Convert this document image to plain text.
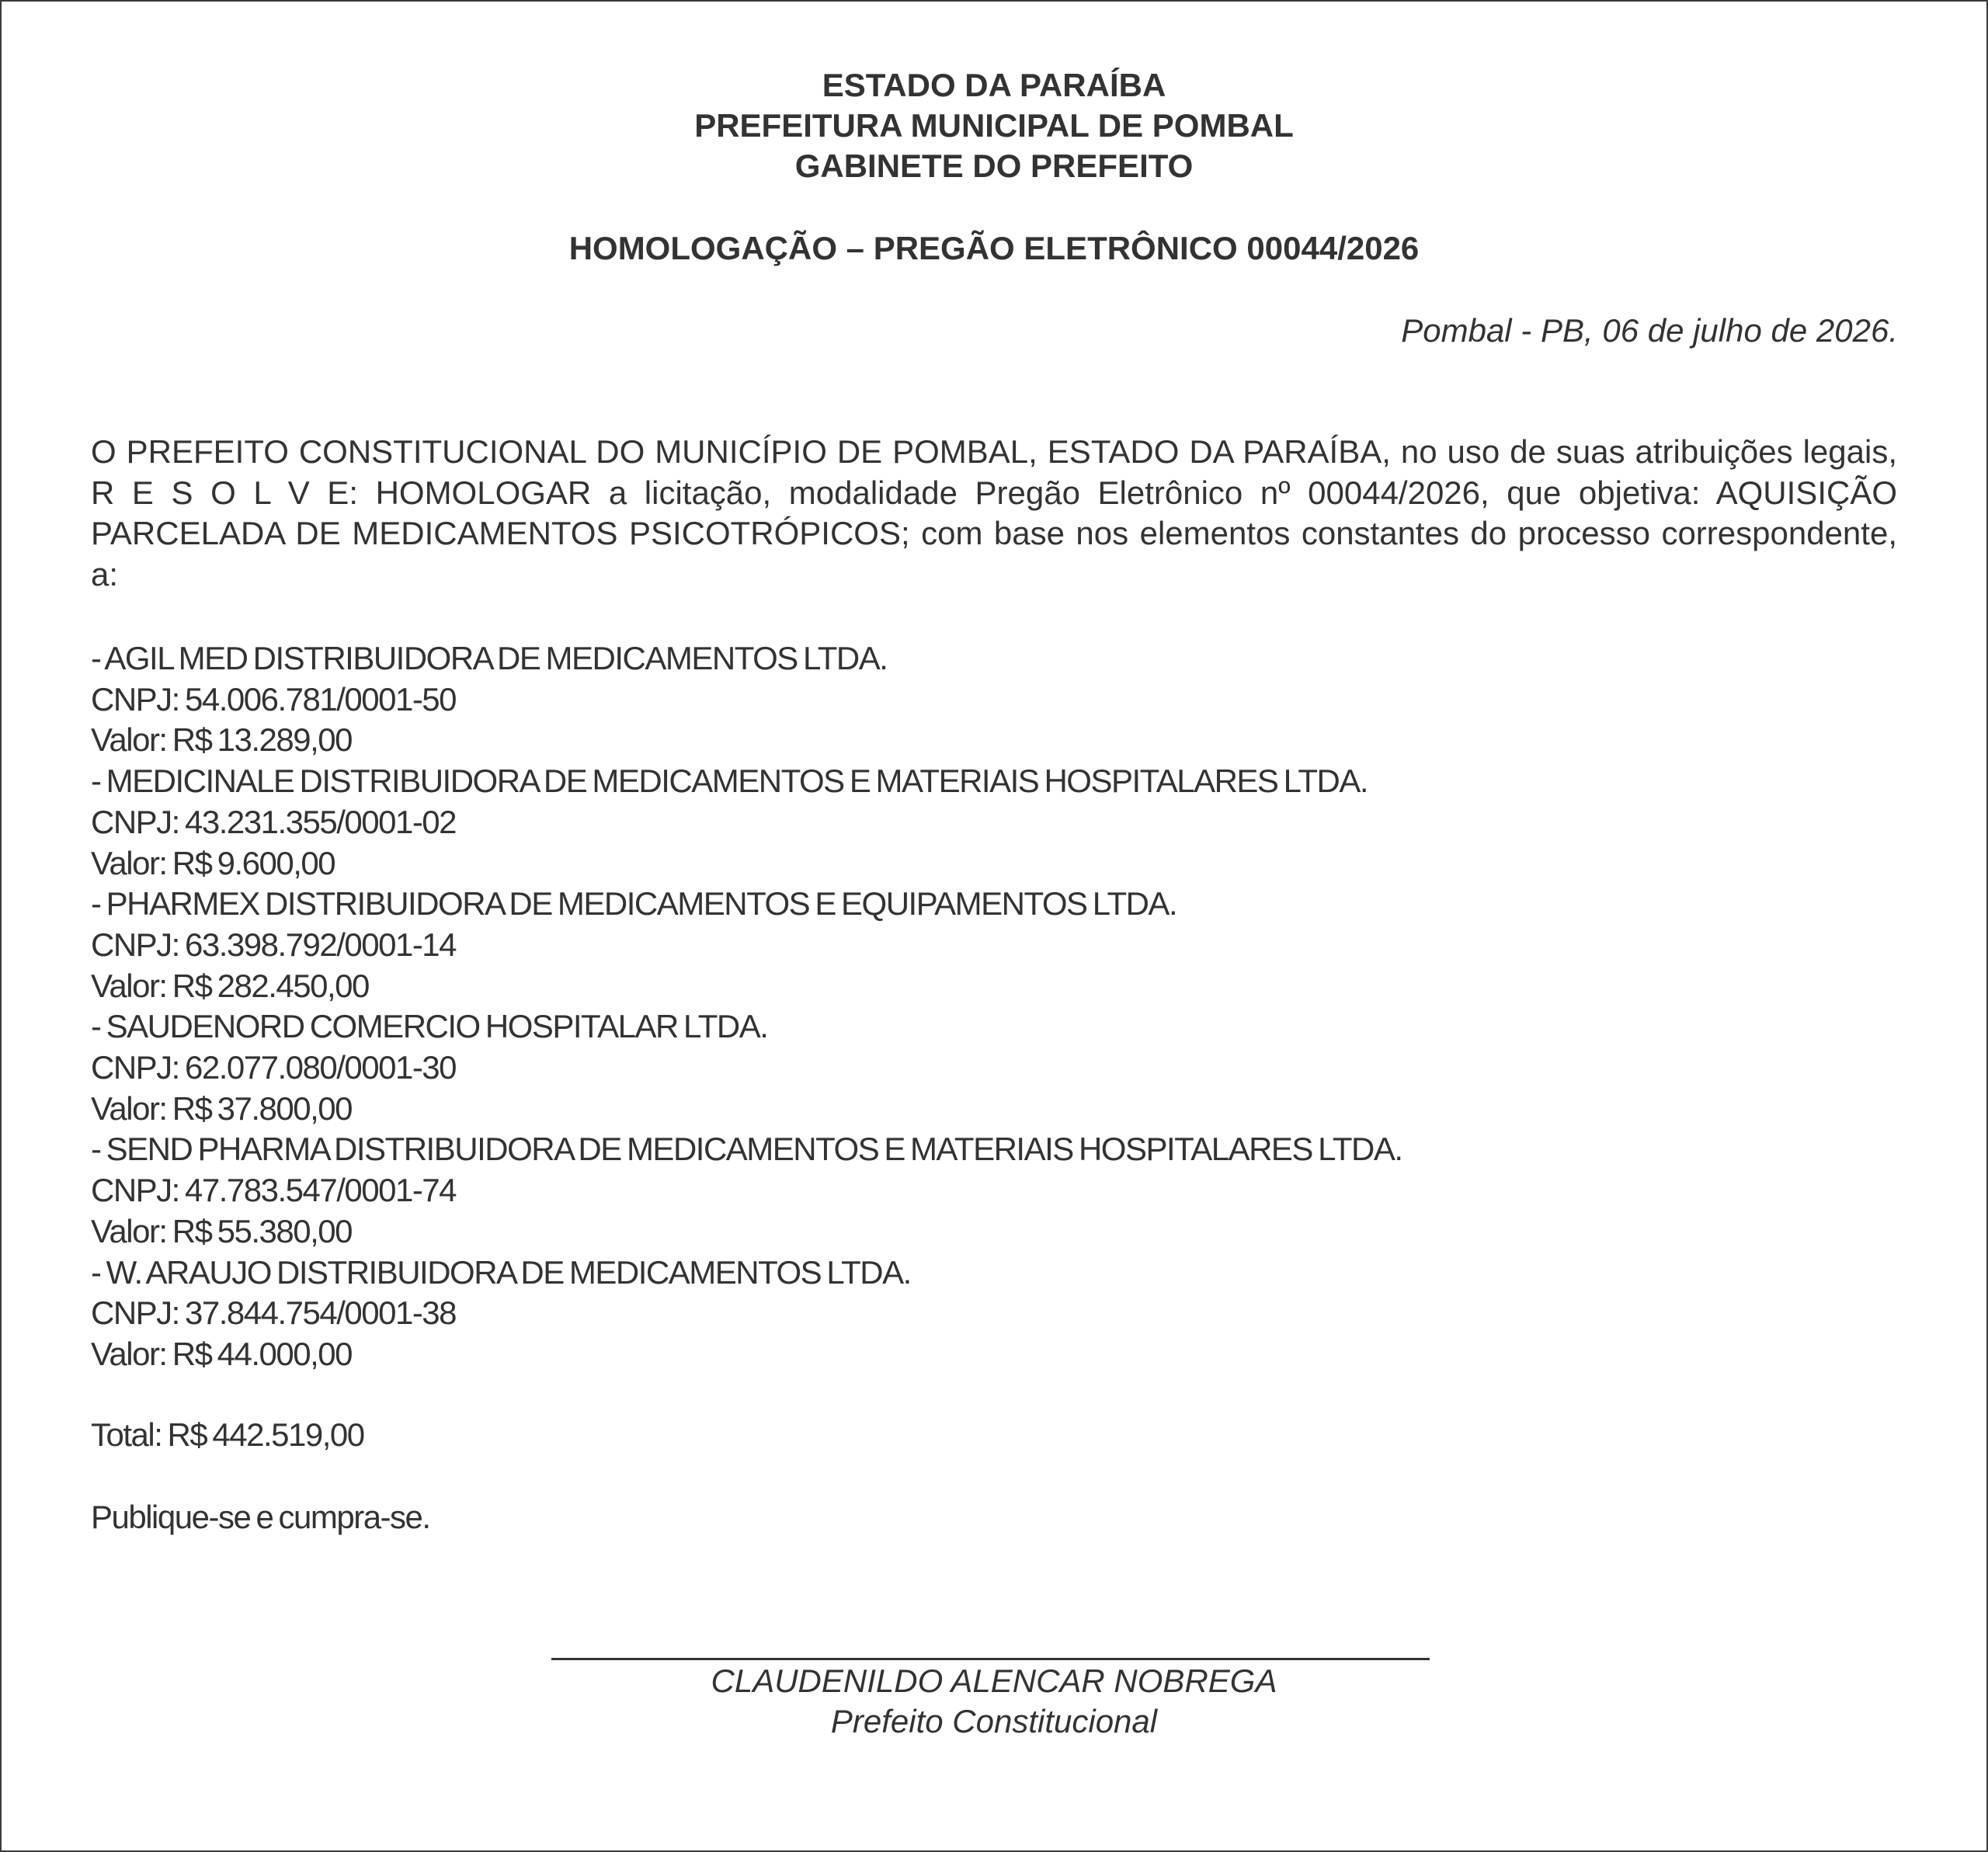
ESTADO DA PARAÍBA
PREFEITURA MUNICIPAL DE POMBAL
GABINETE DO PREFEITO
HOMOLOGAÇÃO – PREGÃO ELETRÔNICO 00044/2026
Pombal - PB, 06 de julho de 2026.
O PREFEITO CONSTITUCIONAL DO MUNICÍPIO DE POMBAL, ESTADO DA PARAÍBA, no uso de suas atribuições legais, R E S O L V E: HOMOLOGAR a licitação, modalidade Pregão Eletrônico nº 00044/2026, que objetiva: AQUISIÇÃO PARCELADA DE MEDICAMENTOS PSICOTRÓPICOS; com base nos elementos constantes do processo correspondente, a:
- AGIL MED DISTRIBUIDORA DE MEDICAMENTOS LTDA.
CNPJ: 54.006.781/0001-50
Valor: R$ 13.289,00
- MEDICINALE DISTRIBUIDORA DE MEDICAMENTOS E MATERIAIS HOSPITALARES LTDA.
CNPJ: 43.231.355/0001-02
Valor: R$ 9.600,00
- PHARMEX DISTRIBUIDORA DE MEDICAMENTOS E EQUIPAMENTOS LTDA.
CNPJ: 63.398.792/0001-14
Valor: R$ 282.450,00
- SAUDENORD COMERCIO HOSPITALAR LTDA.
CNPJ: 62.077.080/0001-30
Valor: R$ 37.800,00
- SEND PHARMA DISTRIBUIDORA DE MEDICAMENTOS E MATERIAIS HOSPITALARES LTDA.
CNPJ: 47.783.547/0001-74
Valor: R$ 55.380,00
- W. ARAUJO DISTRIBUIDORA DE MEDICAMENTOS LTDA.
CNPJ: 37.844.754/0001-38
Valor: R$ 44.000,00
Total: R$ 442.519,00
Publique-se e cumpra-se.
CLAUDENILDO ALENCAR NOBREGA
Prefeito Constitucional
